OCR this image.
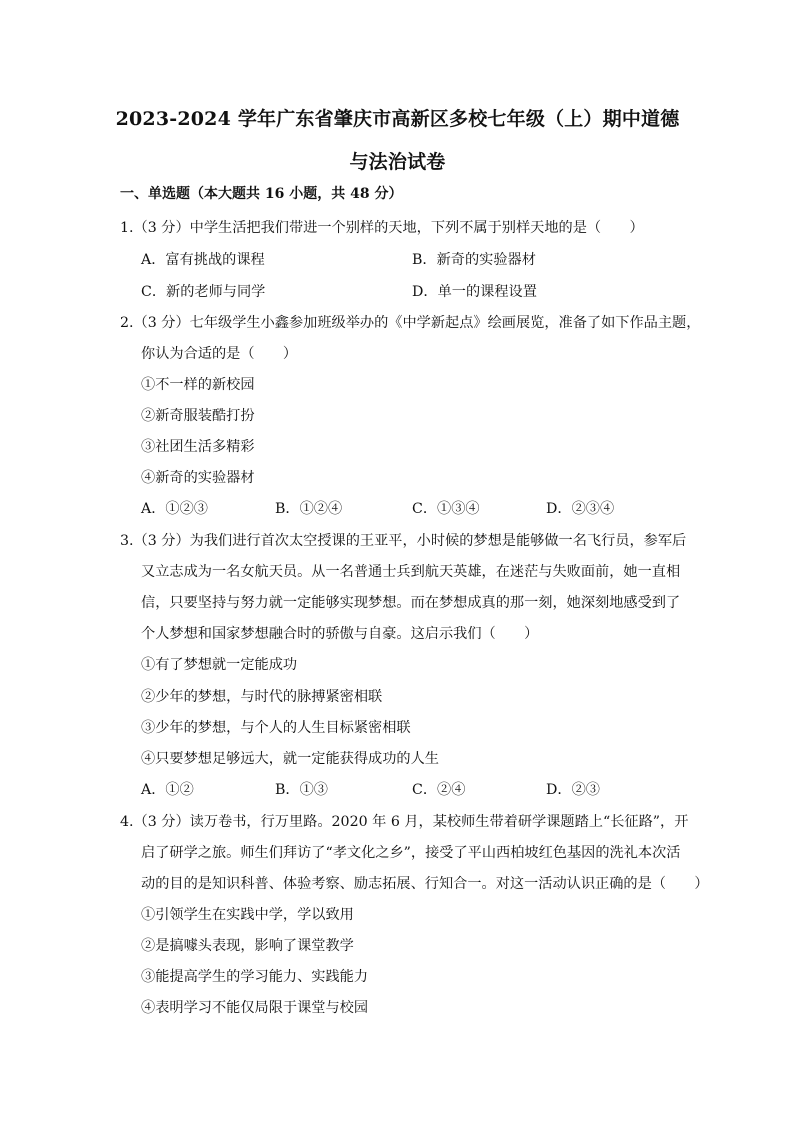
2023-2024 学年广东省肇庆市高新区多校七年级（上）期中道德
与法治试卷
一、单选题（本大题共 16 小题，共 48 分）
1.（3 分）中学生活把我们带进一个别样的天地，下列不属于别样天地的是（　　）
A．富有挑战的课程	B．新奇的实验器材
C．新的老师与同学	D．单一的课程设置
2.（3 分）七年级学生小鑫参加班级举办的《中学新起点》绘画展览，准备了如下作品主题，
你认为合适的是（　　）
①不一样的新校园
②新奇服装酷打扮
③社团生活多精彩
④新奇的实验器材
A．①②③	B．①②④	C．①③④	D．②③④
3.（3 分）为我们进行首次太空授课的王亚平，小时候的梦想是能够做一名飞行员，参军后
又立志成为一名女航天员。从一名普通士兵到航天英雄，在迷茫与失败面前，她一直相
信，只要坚持与努力就一定能够实现梦想。而在梦想成真的那一刻，她深刻地感受到了
个人梦想和国家梦想融合时的骄傲与自豪。这启示我们（　　）
①有了梦想就一定能成功
②少年的梦想，与时代的脉搏紧密相联
③少年的梦想，与个人的人生目标紧密相联
④只要梦想足够远大，就一定能获得成功的人生
A．①②	B．①③	C．②④	D．②③
4.（3 分）读万卷书，行万里路。2020 年 6 月，某校师生带着研学课题踏上“长征路”，开
启了研学之旅。师生们拜访了“孝文化之乡”，接受了平山西柏坡红色基因的洗礼本次活
动的目的是知识科普、体验考察、励志拓展、行知合一。对这一活动认识正确的是（　　）
①引领学生在实践中学，学以致用
②是搞噱头表现，影响了课堂教学
③能提高学生的学习能力、实践能力
④表明学习不能仅局限于课堂与校园
